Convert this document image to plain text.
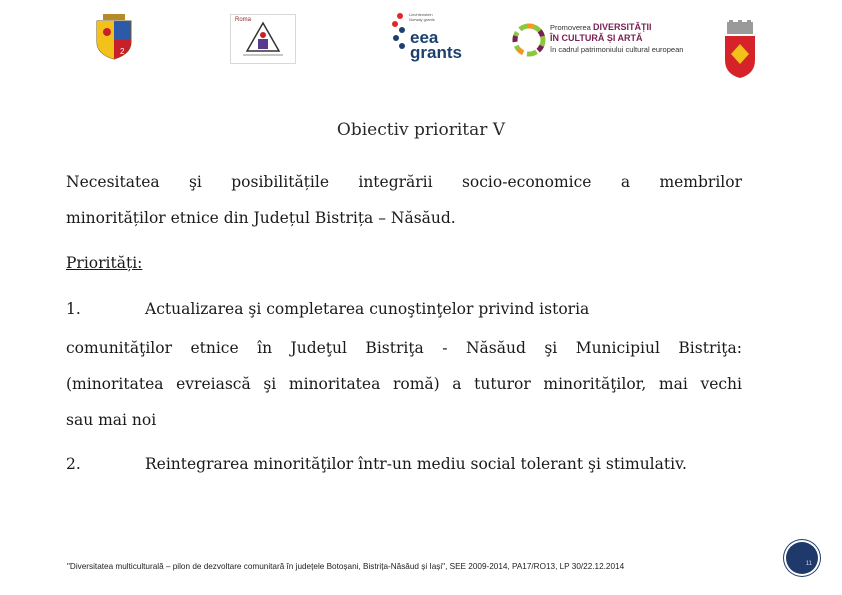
2
Roma
Liechtenstein Norway grants
eea
grants
Promoverea DIVERSITĂȚII
ÎN CULTURĂ ȘI ARTĂ
în cadrul patrimoniului cultural european
Obiectiv prioritar V
Necesitatea şi posibilitățile integrării socio-economice a membrilor
minorităților etnice din Județul Bistrița – Năsăud.
Priorități:
1.	Actualizarea şi completarea cunoştinţelor privind istoria
comunităţilor etnice în Judeţul Bistriţa - Năsăud şi Municipiul Bistriţa:
(minoritatea evreiască şi minoritatea romă) a tuturor minorităţilor, mai vechi
sau mai noi
2.	Reintegrarea minorităţilor într-un mediu social tolerant şi stimulativ.
"Diversitatea multiculturală – pilon de dezvoltare comunitară în județele Botoșani, Bistrița-Năsăud și Iași", SEE 2009-2014, PA17/RO13, LP 30/22.12.2014	11
